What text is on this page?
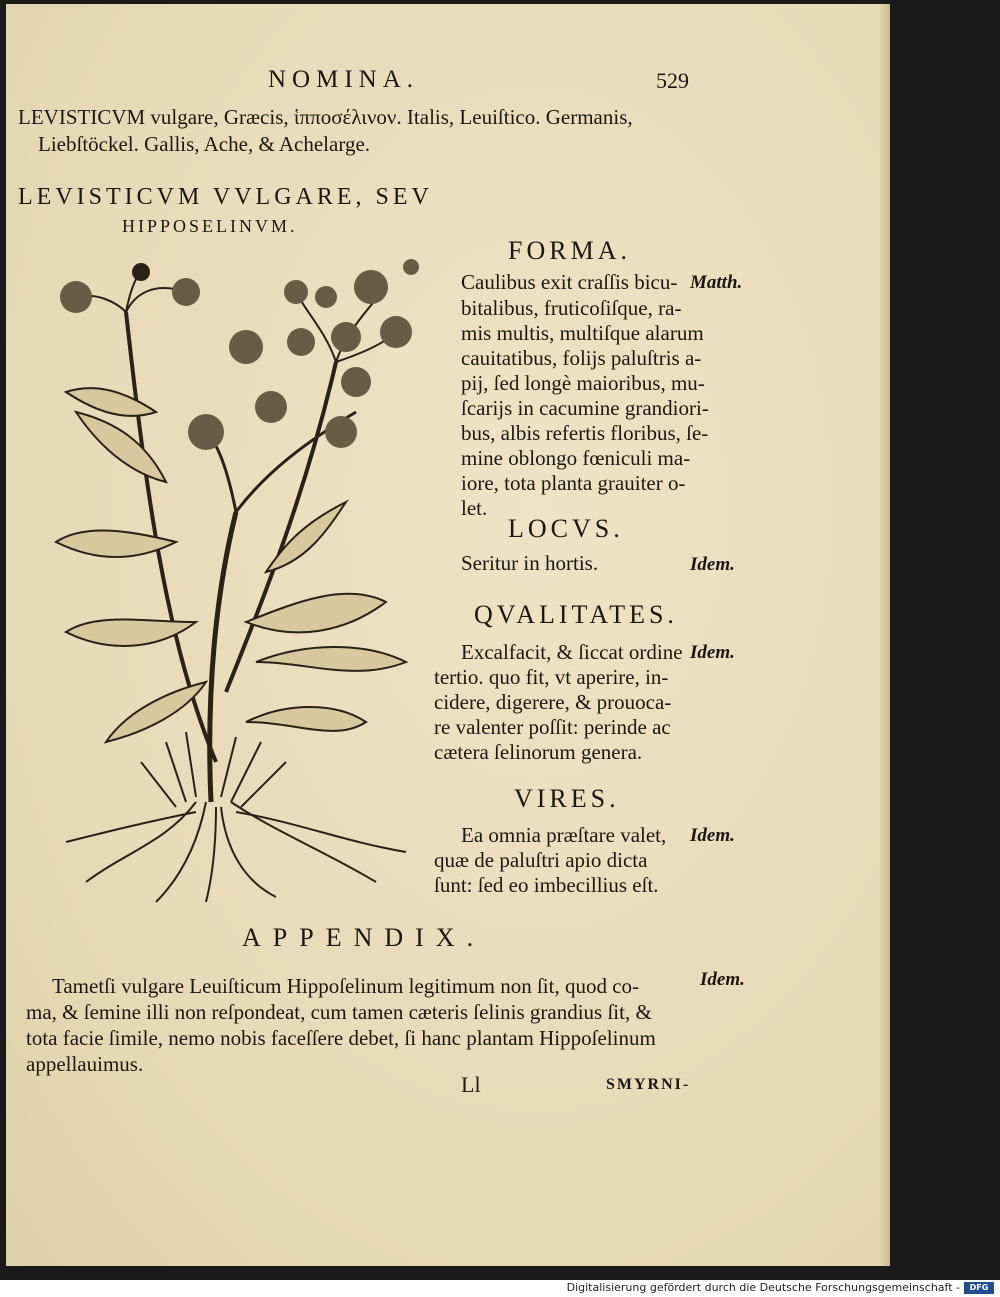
NOMINA.	529
LEVISTICVM vulgare, Græcis, ἱπποσέλινον. Italis, Leuiſtico. Germanis,
Liebſtöckel. Gallis, Ache, & Achelarge.
LEVISTICVM VVLGARE, SEV
HIPPOSELINVM.
FORMA.
Caulibus exit craſſis bicu-
bitalibus, fruticoſiſque, ra-
mis multis, multiſque alarum
cauitatibus, folijs paluſtris a-
pij, ſed longè maioribus, mu-
ſcarijs in cacumine grandiori-
bus, albis refertis floribus, ſe-
mine oblongo fœniculi ma-
iore, tota planta grauiter o-
let.
Matth.
LOCVS.
Seritur in hortis.	Idem.
QVALITATES.
Excalfacit, & ſiccat ordine
tertio. quo fit, vt aperire, in-
cidere, digerere, & prouoca-
re valenter poſſit: perinde ac
cætera ſelinorum genera.
Idem.
VIRES.
Ea omnia præſtare valet,
quæ de paluſtri apio dicta
ſunt: ſed eo imbecillius eſt.
Idem.
APPENDIX.
Tametſi vulgare Leuiſticum Hippoſelinum legitimum non ſit, quod co-
ma, & ſemine illi non reſpondeat, cum tamen cæteris ſelinis grandius ſit, &
tota facie ſimile, nemo nobis faceſſere debet, ſi hanc plantam Hippoſelinum
appellauimus.
Idem.
Ll	SMYRNI-
Digitalisierung gefördert durch die Deutsche Forschungsgemeinschaft -	DFG
